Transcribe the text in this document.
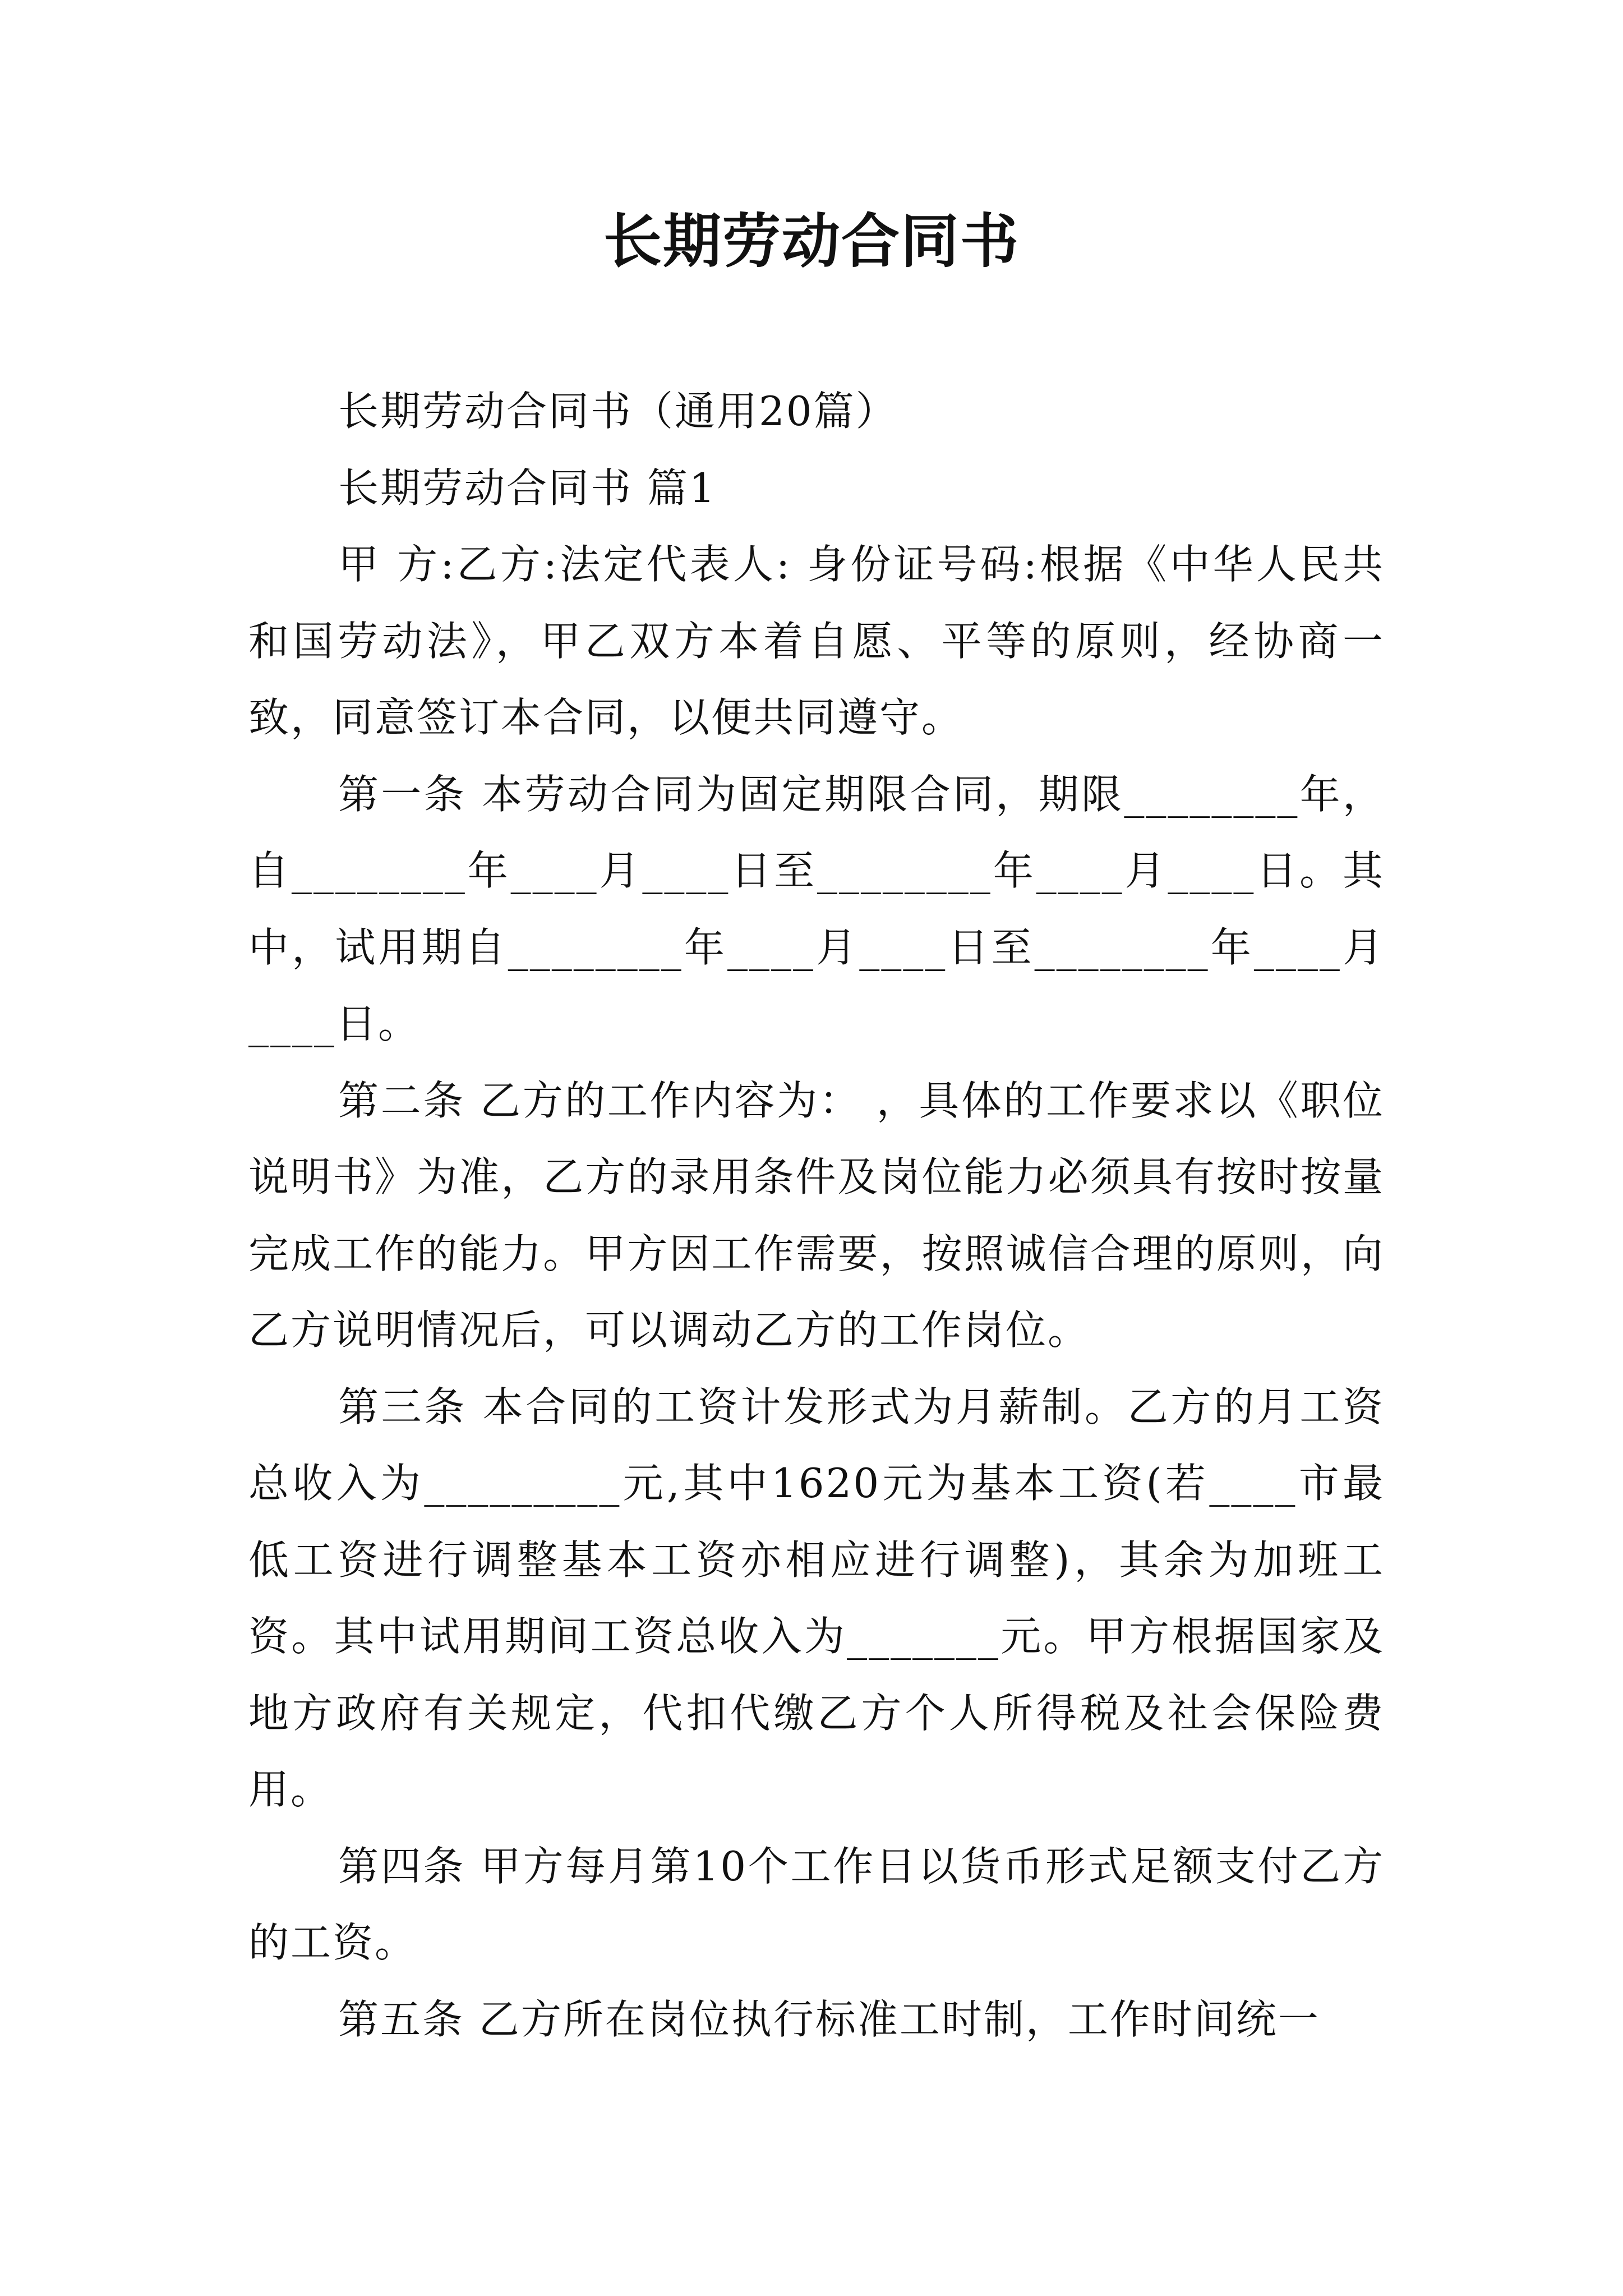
长期劳动合同书

长期劳动合同书（通用20篇）

长期劳动合同书 篇1

甲 方:乙方:法定代表人: 身份证号码:根据《中华人民共和国劳动法》，甲乙双方本着自愿、平等的原则，经协商一致，同意签订本合同，以便共同遵守。

第一条 本劳动合同为固定期限合同，期限________年，自________年____月____日至________年____月____日。其中，试用期自________年____月____日至________年____月____日。

第二条 乙方的工作内容为： ，具体的工作要求以《职位说明书》为准，乙方的录用条件及岗位能力必须具有按时按量完成工作的能力。甲方因工作需要，按照诚信合理的原则，向乙方说明情况后，可以调动乙方的工作岗位。

第三条 本合同的工资计发形式为月薪制。乙方的月工资总收入为_________元,其中1620元为基本工资(若____市最低工资进行调整基本工资亦相应进行调整)，其余为加班工资。其中试用期间工资总收入为_______元。甲方根据国家及地方政府有关规定，代扣代缴乙方个人所得税及社会保险费用。

第四条 甲方每月第10个工作日以货币形式足额支付乙方的工资。

第五条 乙方所在岗位执行标准工时制，工作时间统一
